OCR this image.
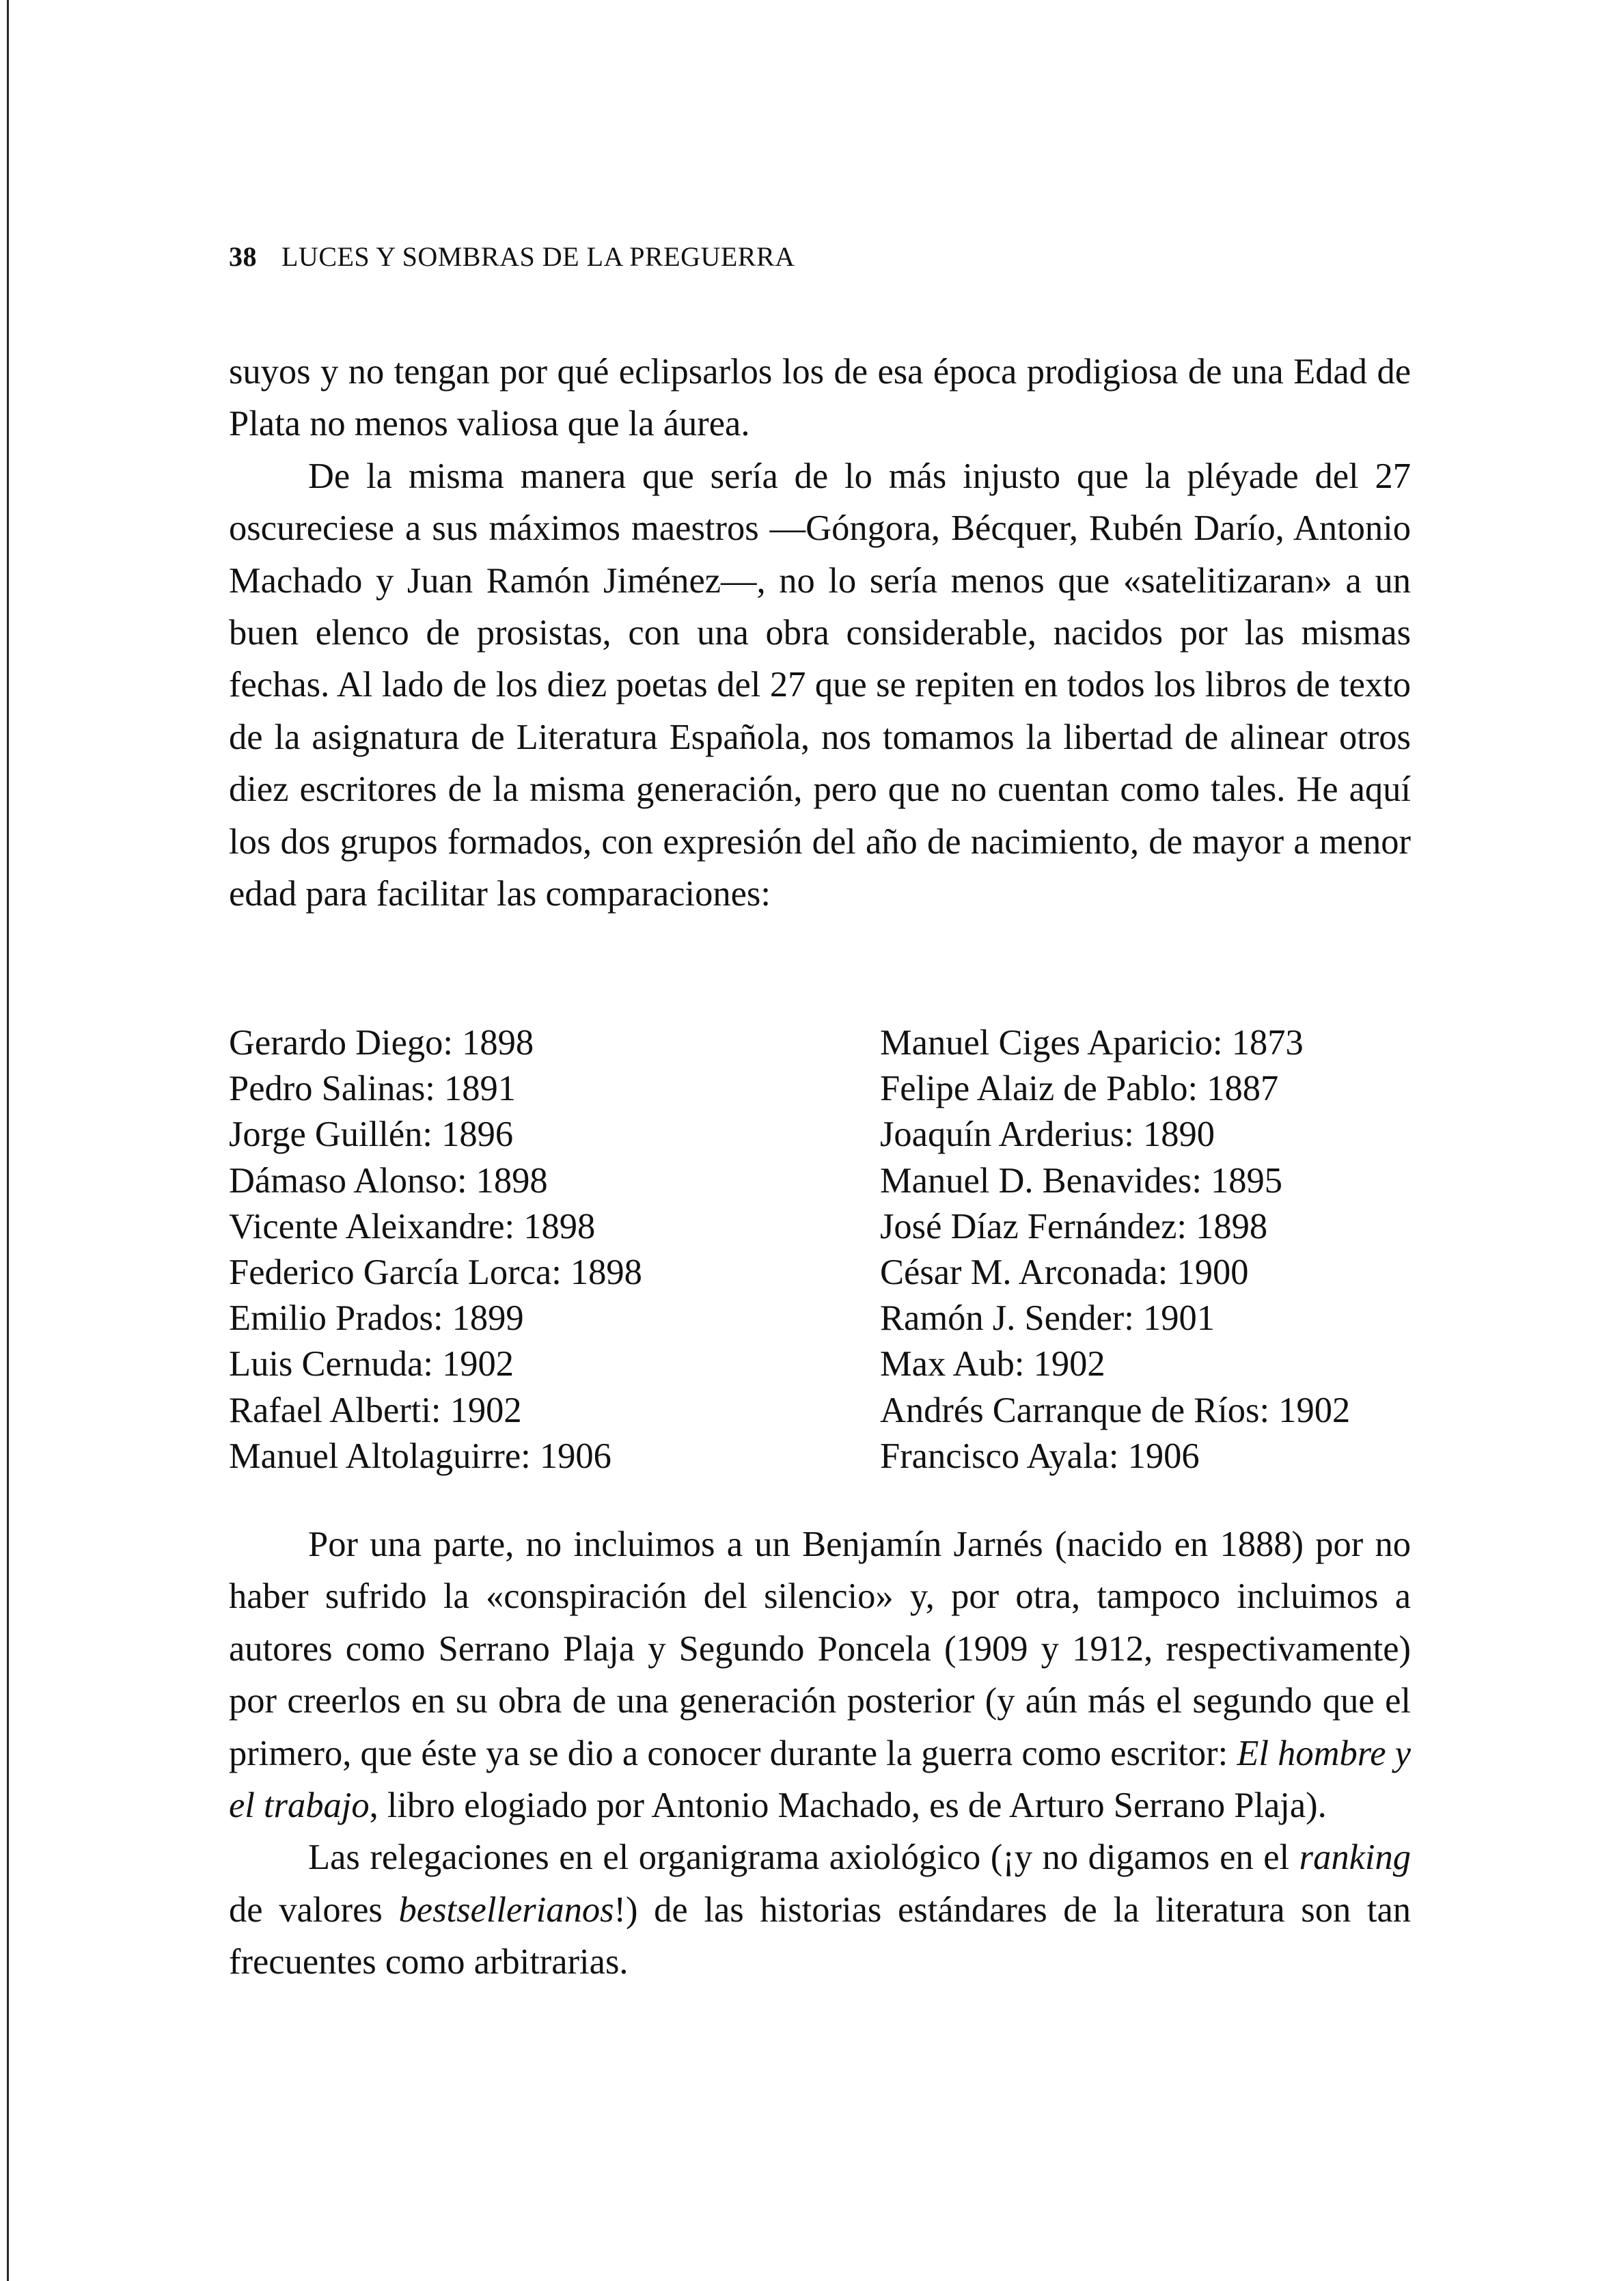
38 LUCES Y SOMBRAS DE LA PREGUERRA

suyos y no tengan por qué eclipsarlos los de esa época prodigiosa de una Edad de Plata no menos valiosa que la áurea.

De la misma manera que sería de lo más injusto que la pléyade del 27 oscureciese a sus máximos maestros —Góngora, Bécquer, Rubén Darío, Antonio Machado y Juan Ramón Jiménez—, no lo sería menos que «satelitizaran» a un buen elenco de prosistas, con una obra considerable, nacidos por las mismas fechas. Al lado de los diez poetas del 27 que se repiten en todos los libros de texto de la asignatura de Literatura Española, nos tomamos la libertad de alinear otros diez escritores de la misma generación, pero que no cuentan como tales. He aquí los dos grupos formados, con expresión del año de nacimiento, de mayor a menor edad para facilitar las comparaciones:

Gerardo Diego: 1898
Pedro Salinas: 1891
Jorge Guillén: 1896
Dámaso Alonso: 1898
Vicente Aleixandre: 1898
Federico García Lorca: 1898
Emilio Prados: 1899
Luis Cernuda: 1902
Rafael Alberti: 1902
Manuel Altolaguirre: 1906
Manuel Ciges Aparicio: 1873
Felipe Alaiz de Pablo: 1887
Joaquín Arderius: 1890
Manuel D. Benavides: 1895
José Díaz Fernández: 1898
César M. Arconada: 1900
Ramón J. Sender: 1901
Max Aub: 1902
Andrés Carranque de Ríos: 1902
Francisco Ayala: 1906

Por una parte, no incluimos a un Benjamín Jarnés (nacido en 1888) por no haber sufrido la «conspiración del silencio» y, por otra, tampoco incluimos a autores como Serrano Plaja y Segundo Poncela (1909 y 1912, respectivamente) por creerlos en su obra de una generación posterior (y aún más el segundo que el primero, que éste ya se dio a conocer durante la guerra como escritor: El hombre y el trabajo, libro elogiado por Antonio Machado, es de Arturo Serrano Plaja).

Las relegaciones en el organigrama axiológico (¡y no digamos en el ranking de valores bestsellerianos!) de las historias estándares de la literatura son tan frecuentes como arbitrarias.
